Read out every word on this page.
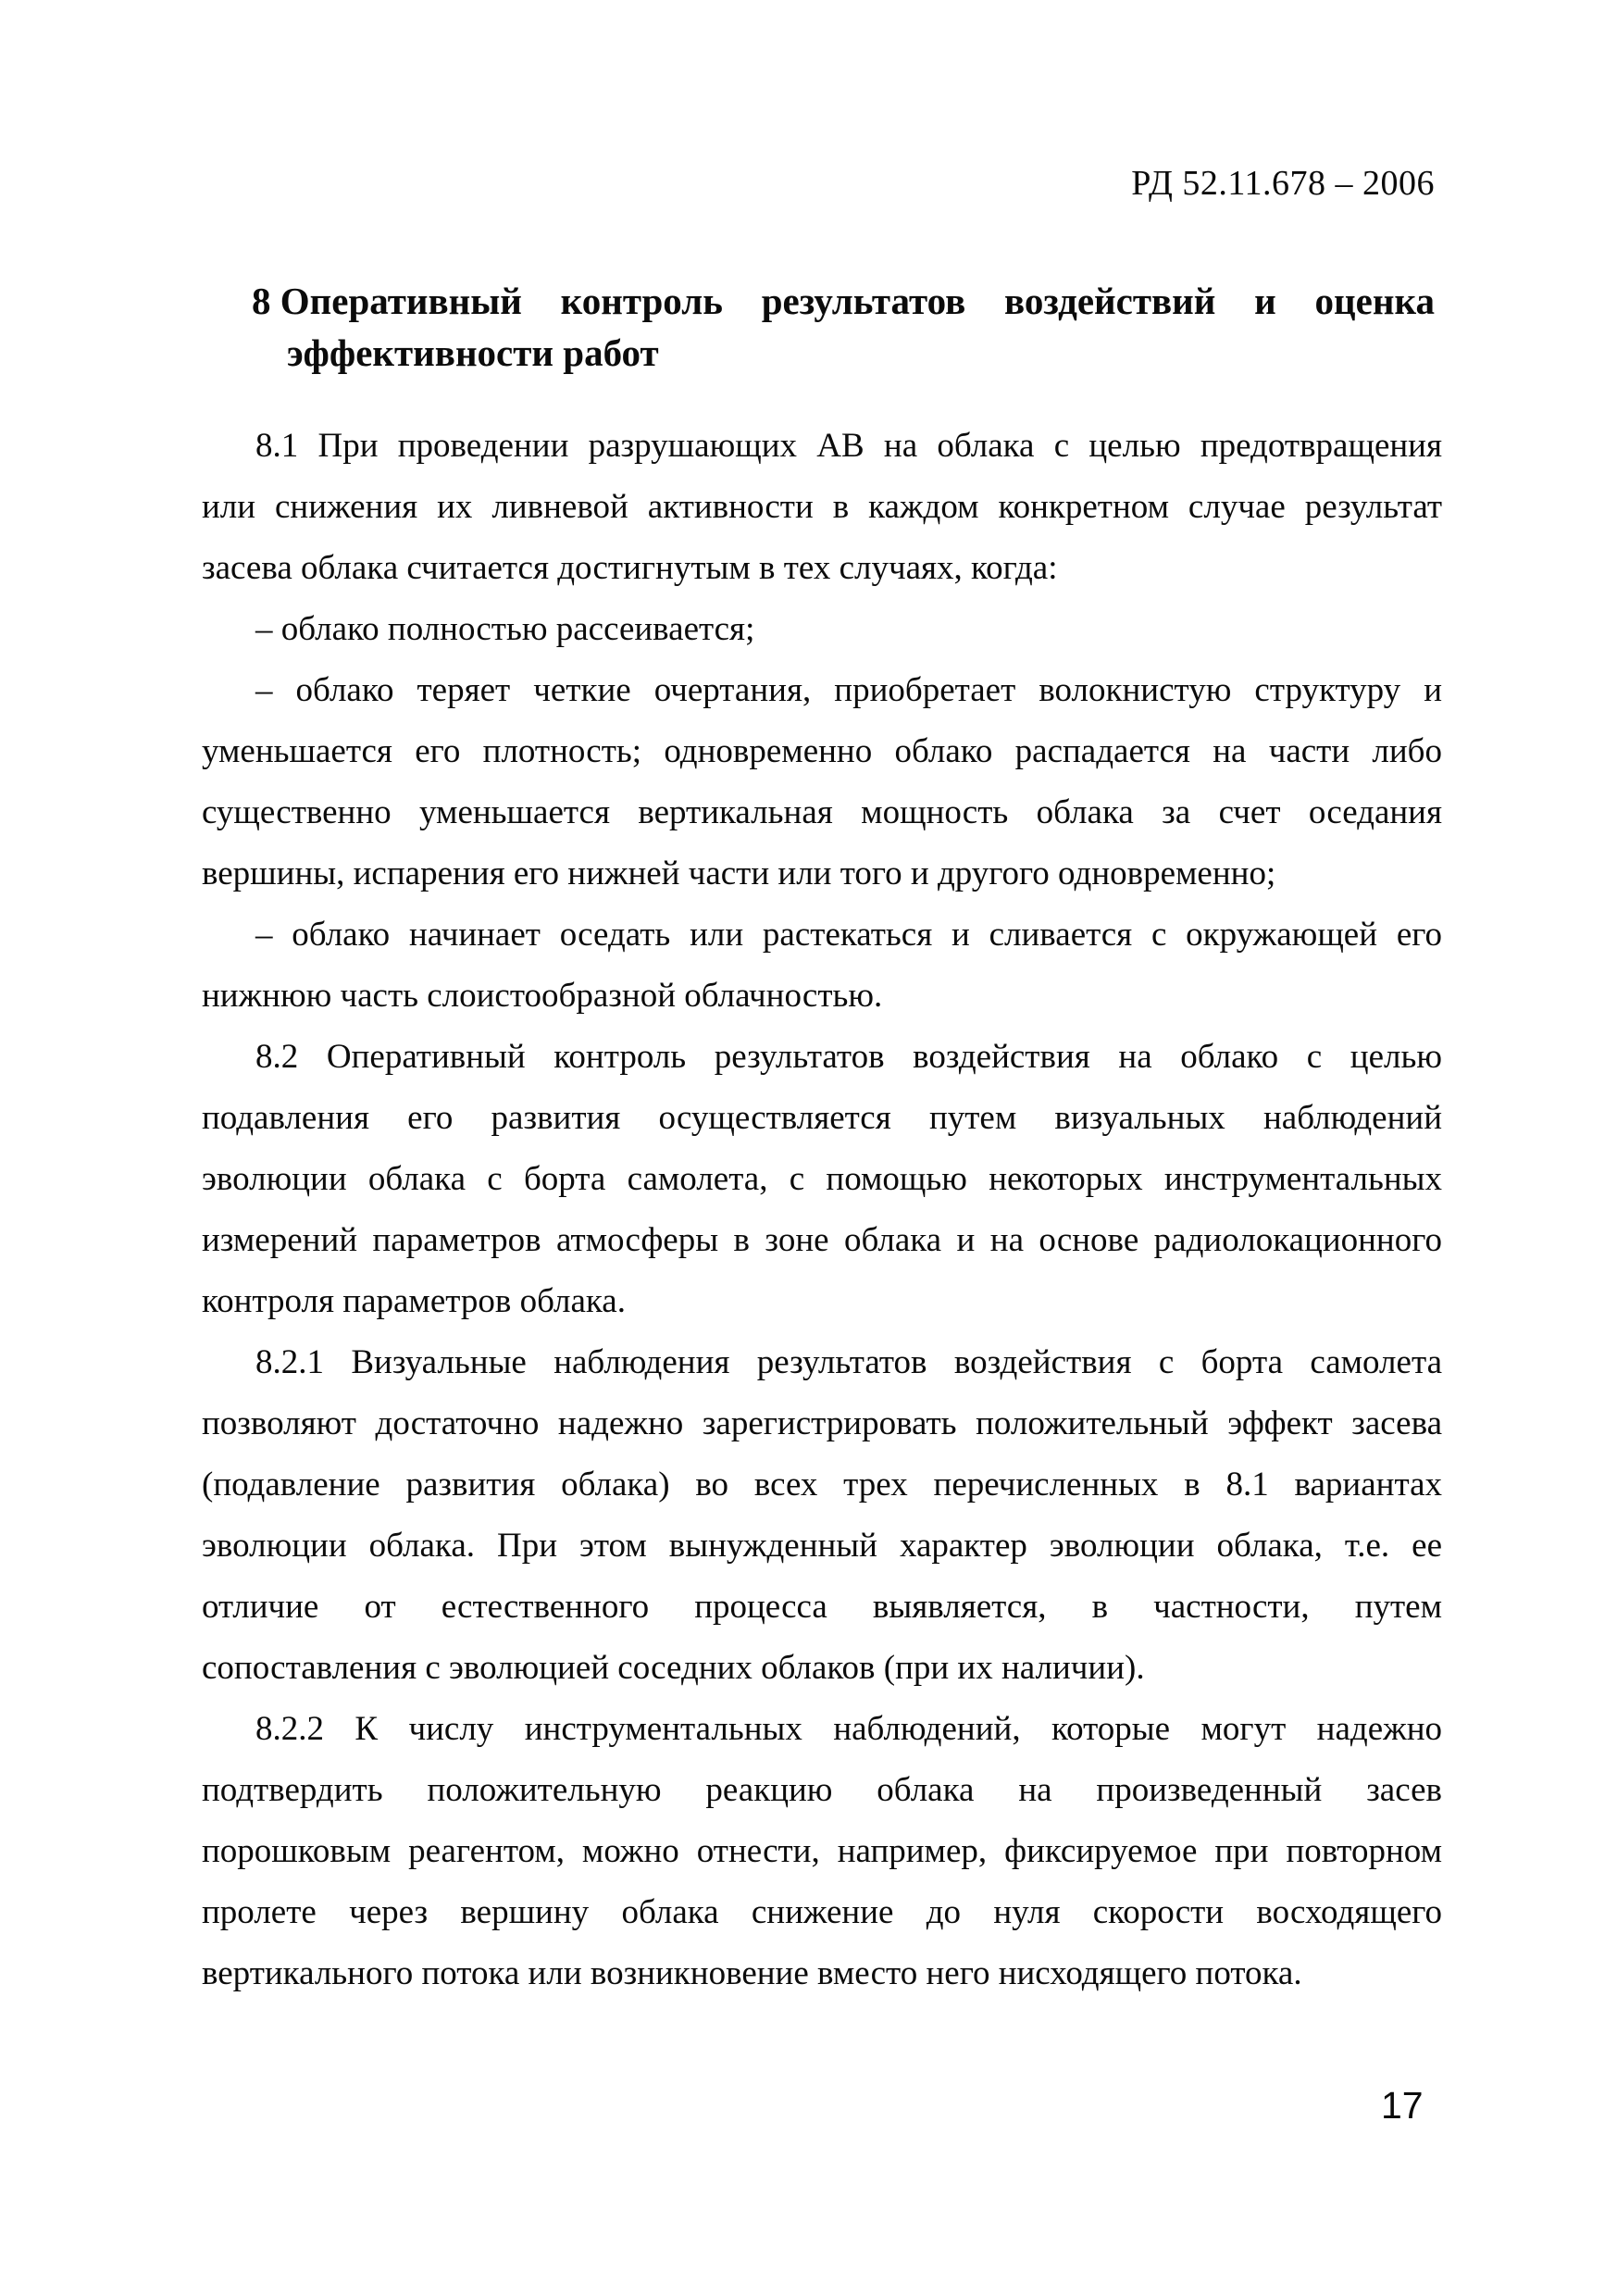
РД 52.11.678 – 2006
8 Оперативный контроль результатов воздействий и оценка
эффективности работ
8.1 При проведении разрушающих АВ на облака с целью предотвращения
или снижения их ливневой активности в каждом конкретном случае результат
засева облака считается достигнутым в тех случаях, когда:
– облако полностью рассеивается;
– облако теряет четкие очертания, приобретает волокнистую структуру и
уменьшается его плотность; одновременно облако распадается на части либо
существенно уменьшается вертикальная мощность облака за счет оседания
вершины, испарения его нижней части или того и другого одновременно;
– облако начинает оседать или растекаться и сливается с окружающей его
нижнюю часть слоистообразной облачностью.
8.2 Оперативный контроль результатов воздействия на облако с целью
подавления его развития осуществляется путем визуальных наблюдений
эволюции облака с борта самолета, с помощью некоторых инструментальных
измерений параметров атмосферы в зоне облака и на основе радиолокационного
контроля параметров облака.
8.2.1 Визуальные наблюдения результатов воздействия с борта самолета
позволяют достаточно надежно зарегистрировать положительный эффект засева
(подавление развития облака) во всех трех перечисленных в 8.1 вариантах
эволюции облака. При этом вынужденный характер эволюции облака, т.е. ее
отличие от естественного процесса выявляется, в частности, путем
сопоставления с эволюцией соседних облаков (при их наличии).
8.2.2 К числу инструментальных наблюдений, которые могут надежно
подтвердить положительную реакцию облака на произведенный засев
порошковым реагентом, можно отнести, например, фиксируемое при повторном
пролете через вершину облака снижение до нуля скорости восходящего
вертикального потока или возникновение вместо него нисходящего потока.
17
